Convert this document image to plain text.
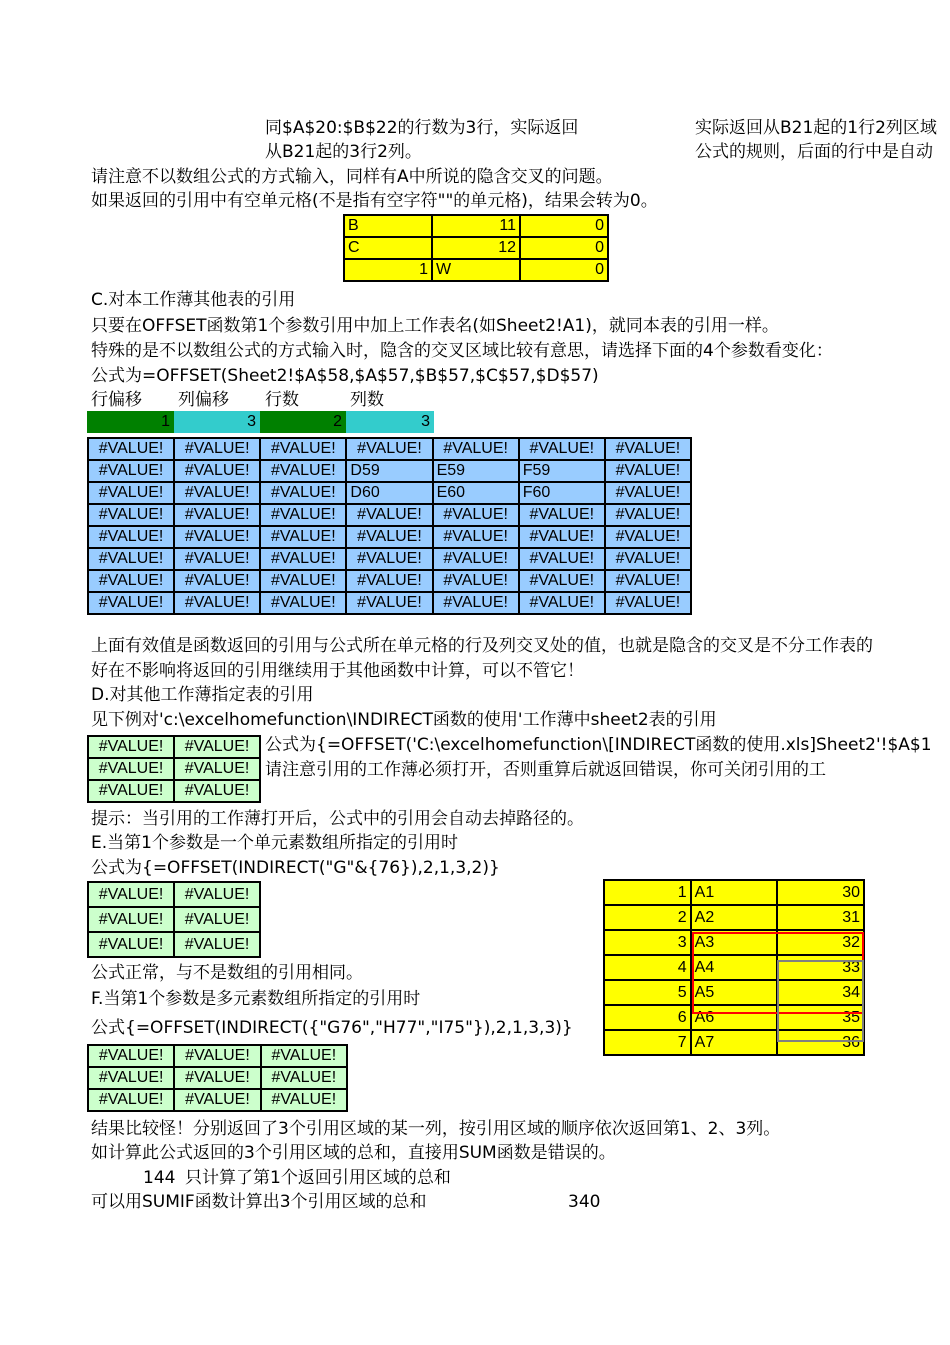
同$A$20:$B$22的行数为3行，实际返回
从B21起的3行2列。
实际返回从B21起的1行2列区域
公式的规则，后面的行中是自动
请注意不以数组公式的方式输入，同样有A中所说的隐含交叉的问题。
如果返回的引用中有空单元格(不是指有空字符""的单元格)，结果会转为0。
B	11	0
C	12	0
1	W	0
C.对本工作薄其他表的引用
只要在OFFSET函数第1个参数引用中加上工作表名(如Sheet2!A1)，就同本表的引用一样。
特殊的是不以数组公式的方式输入时，隐含的交叉区域比较有意思，请选择下面的4个参数看变化：
公式为=OFFSET(Sheet2!$A$58,$A$57,$B$57,$C$57,$D$57)
行偏移 列偏移 行数	列数
1	3	2	3
#VALUE!	#VALUE!	#VALUE!	#VALUE!	#VALUE!	#VALUE!	#VALUE!
#VALUE!	#VALUE!	#VALUE!	D59	E59	F59	#VALUE!
#VALUE!	#VALUE!	#VALUE!	D60	E60	F60	#VALUE!
#VALUE!	#VALUE!	#VALUE!	#VALUE!	#VALUE!	#VALUE!	#VALUE!
#VALUE!	#VALUE!	#VALUE!	#VALUE!	#VALUE!	#VALUE!	#VALUE!
#VALUE!	#VALUE!	#VALUE!	#VALUE!	#VALUE!	#VALUE!	#VALUE!
#VALUE!	#VALUE!	#VALUE!	#VALUE!	#VALUE!	#VALUE!	#VALUE!
#VALUE!	#VALUE!	#VALUE!	#VALUE!	#VALUE!	#VALUE!	#VALUE!
上面有效值是函数返回的引用与公式所在单元格的行及列交叉处的值，也就是隐含的交叉是不分工作表的
好在不影响将返回的引用继续用于其他函数中计算，可以不管它！
D.对其他工作薄指定表的引用
见下例对'c:\excelhomefunction\INDIRECT函数的使用'工作薄中sheet2表的引用
#VALUE!	#VALUE!
#VALUE!	#VALUE!
#VALUE!	#VALUE!
公式为{=OFFSET('C:\excelhomefunction\[INDIRECT函数的使用.xls]Sheet2'!$A$1
请注意引用的工作薄必须打开，否则重算后就返回错误，你可关闭引用的工
提示：当引用的工作薄打开后，公式中的引用会自动去掉路径的。
E.当第1个参数是一个单元素数组所指定的引用时
公式为{=OFFSET(INDIRECT("G"&{76}),2,1,3,2)}
#VALUE!	#VALUE!
#VALUE!	#VALUE!
#VALUE!	#VALUE!
公式正常，与不是数组的引用相同。
F.当第1个参数是多元素数组所指定的引用时
公式{=OFFSET(INDIRECT({"G76","H77","I75"}),2,1,3,3)}
#VALUE!	#VALUE!	#VALUE!
#VALUE!	#VALUE!	#VALUE!
#VALUE!	#VALUE!	#VALUE!
1	A1	30
2	A2	31
3	A3	32
4	A4	33
5	A5	34
6	A6	35
7	A7	36
结果比较怪！分别返回了3个引用区域的某一列，按引用区域的顺序依次返回第1、2、3列。
如计算此公式返回的3个引用区域的总和，直接用SUM函数是错误的。
144 只计算了第1个返回引用区域的总和
可以用SUMIF函数计算出3个引用区域的总和	340
